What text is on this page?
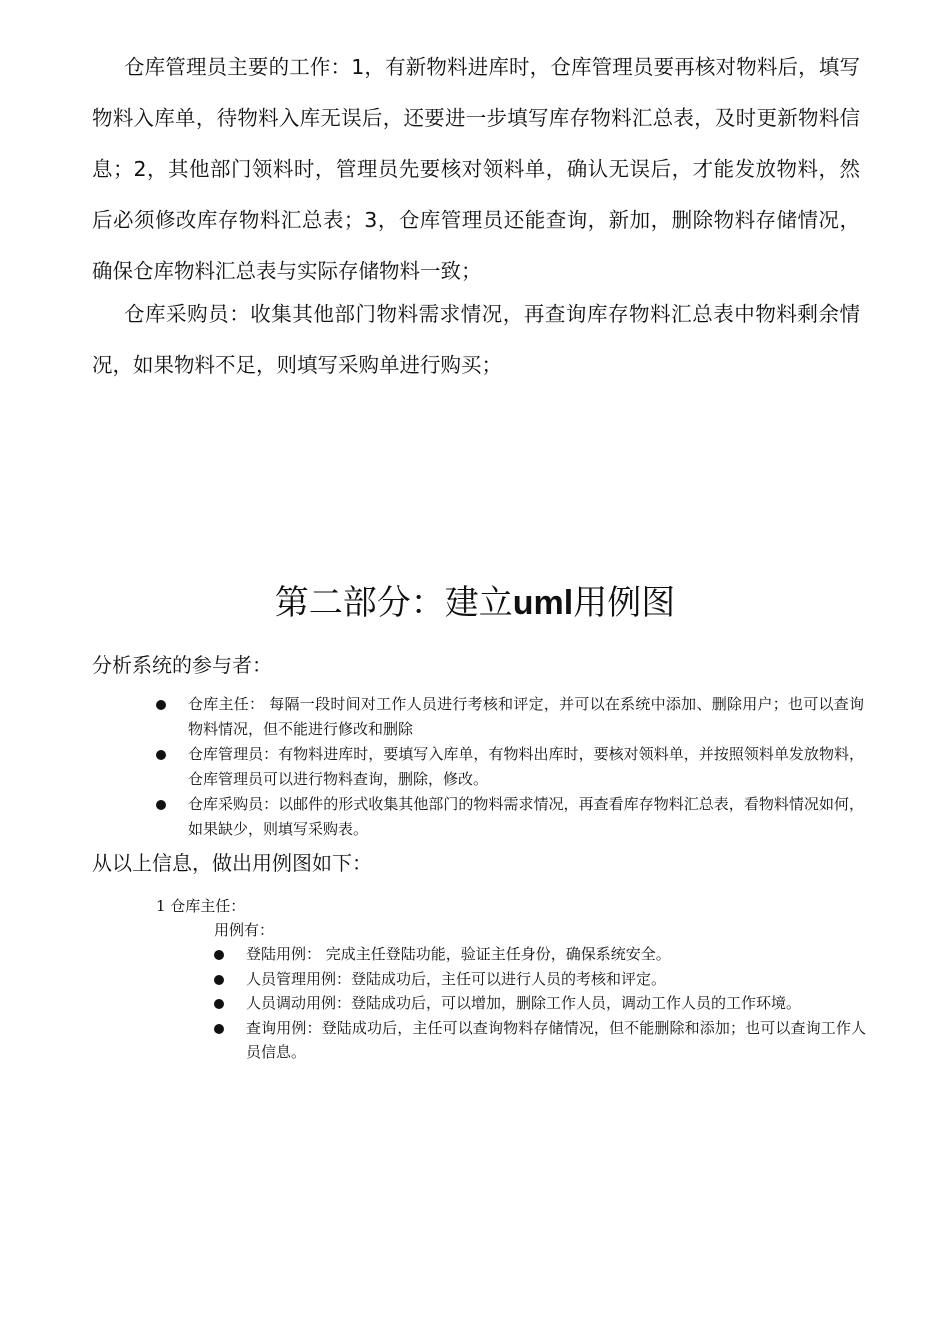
仓库管理员主要的工作：1，有新物料进库时，仓库管理员要再核对物料后，填写物料入库单，待物料入库无误后，还要进一步填写库存物料汇总表，及时更新物料信息；2，其他部门领料时，管理员先要核对领料单，确认无误后，才能发放物料，然后必须修改库存物料汇总表；3，仓库管理员还能查询，新加，删除物料存储情况，确保仓库物料汇总表与实际存储物料一致；

仓库采购员：收集其他部门物料需求情况，再查询库存物料汇总表中物料剩余情况，如果物料不足，则填写采购单进行购买；

第二部分：建立uml用例图

分析系统的参与者：

仓库主任： 每隔一段时间对工作人员进行考核和评定，并可以在系统中添加、删除用户；也可以查询物料情况，但不能进行修改和删除
仓库管理员：有物料进库时，要填写入库单，有物料出库时，要核对领料单，并按照领料单发放物料，仓库管理员可以进行物料查询，删除，修改。
仓库采购员：以邮件的形式收集其他部门的物料需求情况，再查看库存物料汇总表，看物料情况如何，如果缺少，则填写采购表。

从以上信息，做出用例图如下：

1 仓库主任：

用例有：

登陆用例： 完成主任登陆功能，验证主任身份，确保系统安全。
人员管理用例：登陆成功后，主任可以进行人员的考核和评定。
人员调动用例：登陆成功后，可以增加，删除工作人员，调动工作人员的工作环境。
查询用例：登陆成功后，主任可以查询物料存储情况，但不能删除和添加；也可以查询工作人员信息。
